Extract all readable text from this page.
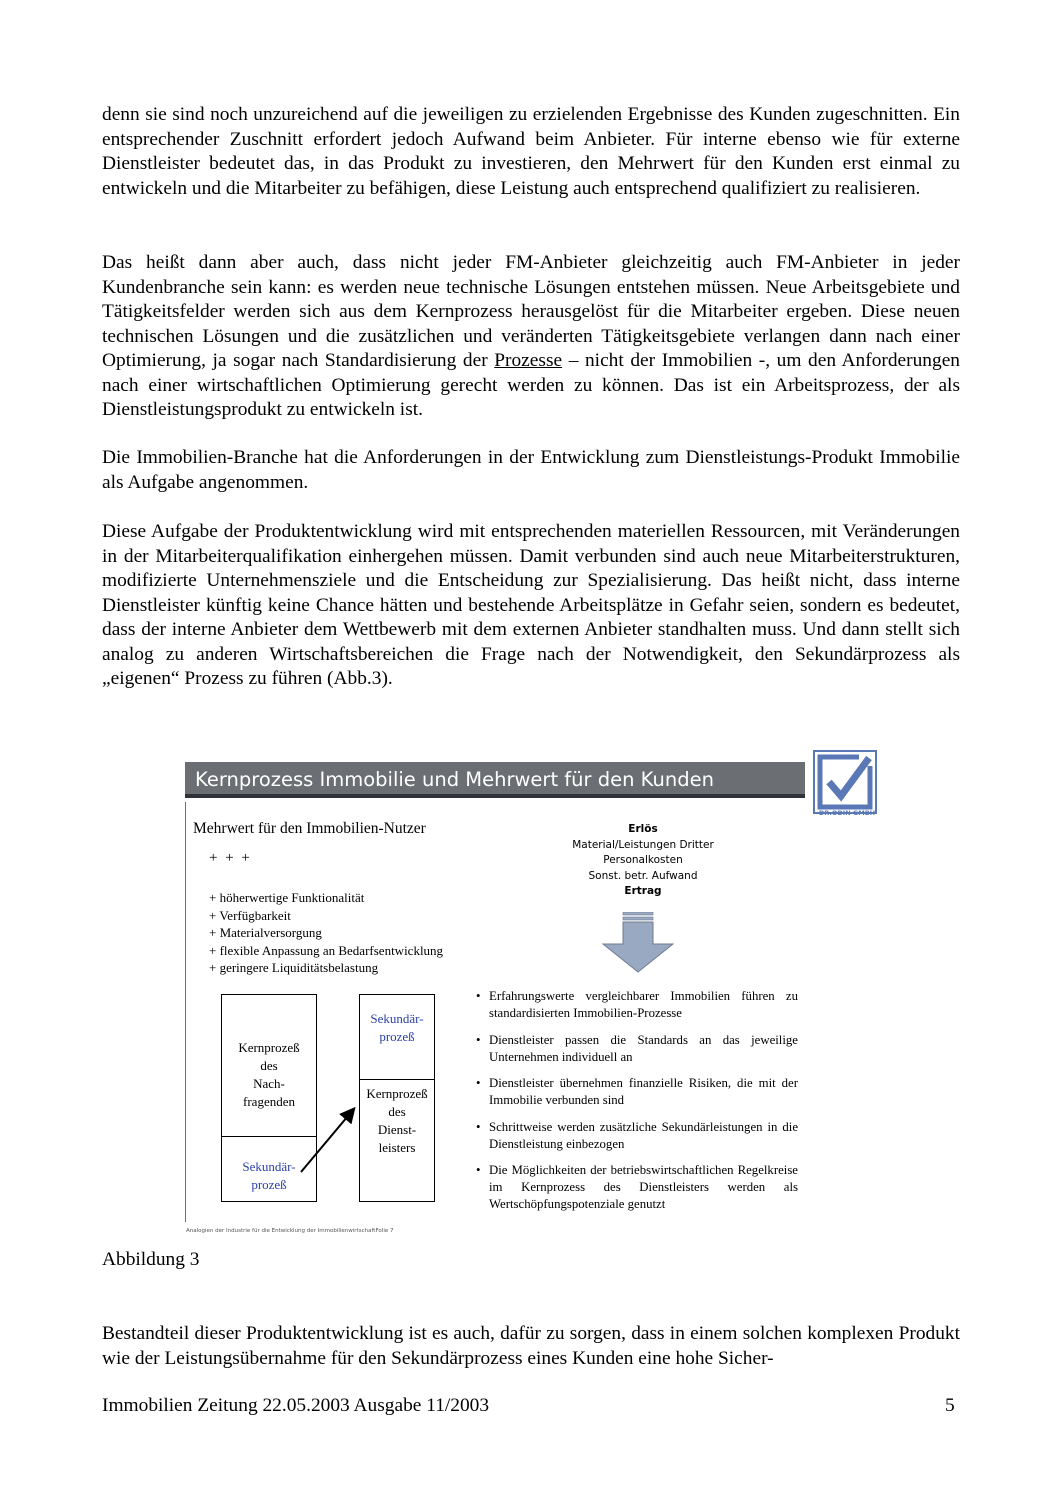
denn sie sind noch unzureichend auf die jeweiligen zu erzielenden Ergebnisse des Kunden zugeschnitten. Ein entsprechender Zuschnitt erfordert jedoch Aufwand beim Anbieter. Für interne ebenso wie für externe Dienstleister bedeutet das, in das Produkt zu investieren, den Mehrwert für den Kunden erst einmal zu entwickeln und die Mitarbeiter zu befähigen, diese Leistung auch entsprechend qualifiziert zu realisieren.

Das heißt dann aber auch, dass nicht jeder FM-Anbieter gleichzeitig auch FM-Anbieter in jeder Kundenbranche sein kann: es werden neue technische Lösungen entstehen müssen. Neue Arbeitsgebiete und Tätigkeitsfelder werden sich aus dem Kernprozess herausgelöst für die Mitarbeiter ergeben. Diese neuen technischen Lösungen und die zusätzlichen und veränderten Tätigkeitsgebiete verlangen dann nach einer Optimierung, ja sogar nach Standardisierung der Prozesse – nicht der Immobilien -, um den Anforderungen nach einer wirtschaftlichen Optimierung gerecht werden zu können. Das ist ein Arbeitsprozess, der als Dienstleistungsprodukt zu entwickeln ist.

Die Immobilien-Branche hat die Anforderungen in der Entwicklung zum Dienstleistungs-Produkt Immobilie als Aufgabe angenommen.

Diese Aufgabe der Produktentwicklung wird mit entsprechenden materiellen Ressourcen, mit Veränderungen in der Mitarbeiterqualifikation einhergehen müssen. Damit verbunden sind auch neue Mitarbeiterstrukturen, modifizierte Unternehmensziele und die Entscheidung zur Spezialisierung. Das heißt nicht, dass interne Dienstleister künftig keine Chance hätten und bestehende Arbeitsplätze in Gefahr seien, sondern es bedeutet, dass der interne Anbieter dem Wettbewerb mit dem externen Anbieter standhalten muss. Und dann stellt sich analog zu anderen Wirtschaftsbereichen die Frage nach der Notwendigkeit, den Sekundärprozess als „eigenen“ Prozess zu führen (Abb.3).

Kernprozess Immobilie und Mehrwert für den Kunden
DR.ODIN GMBH
Mehrwert für den Immobilien-Nutzer
+ + +
+ höherwertige Funktionalität
+ Verfügbarkeit
+ Materialversorgung
+ flexible Anpassung an Bedarfsentwicklung
+ geringere Liquiditätsbelastung
Erlös
Material/Leistungen Dritter
Personalkosten
Sonst. betr. Aufwand
Ertrag
Kernprozeß
des
Nach-
fragenden
Sekundär-
prozeß
Sekundär-
prozeß
Kernprozeß
des
Dienst-
leisters
• Erfahrungswerte vergleichbarer Immobilien führen zu standardisierten Immobilien-Prozesse
• Dienstleister passen die Standards an das jeweilige Unternehmen individuell an
• Dienstleister übernehmen finanzielle Risiken, die mit der Immobilie verbunden sind
• Schrittweise werden zusätzliche Sekundärleistungen in die Dienstleistung einbezogen
• Die Möglichkeiten der betriebswirtschaftlichen Regelkreise im Kernprozess des Dienstleisters werden als Wertschöpfungspotenziale genutzt
Analogien der Industrie für die Entwicklung der ImmobilienwirtschaftFolie 7

Abbildung 3

Bestandteil dieser Produktentwicklung ist es auch, dafür zu sorgen, dass in einem solchen komplexen Produkt wie der Leistungsübernahme für den Sekundärprozess eines Kunden eine hohe Sicher-

Immobilien Zeitung 22.05.2003 Ausgabe 11/2003	5
